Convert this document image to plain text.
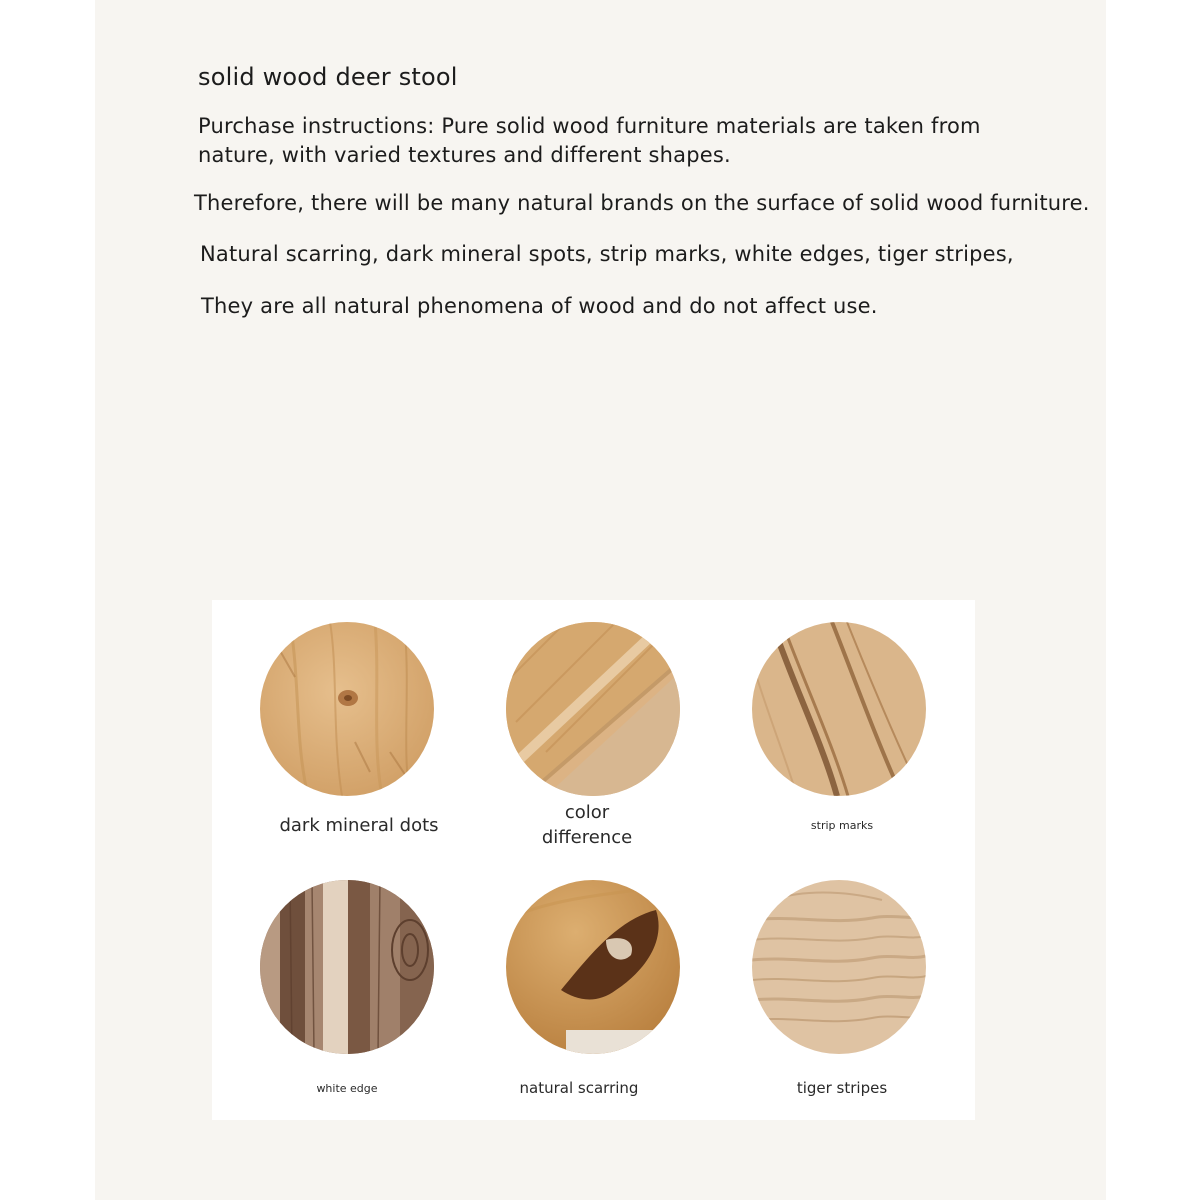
solid wood deer stool

Purchase instructions: Pure solid wood furniture materials are taken from nature, with varied textures and different shapes.

Therefore, there will be many natural brands on the surface of solid wood furniture.

Natural scarring, dark mineral spots, strip marks, white edges, tiger stripes,

They are all natural phenomena of wood and do not affect use.

dark mineral dots
color
difference
strip marks
white edge	natural scarring	tiger stripes
